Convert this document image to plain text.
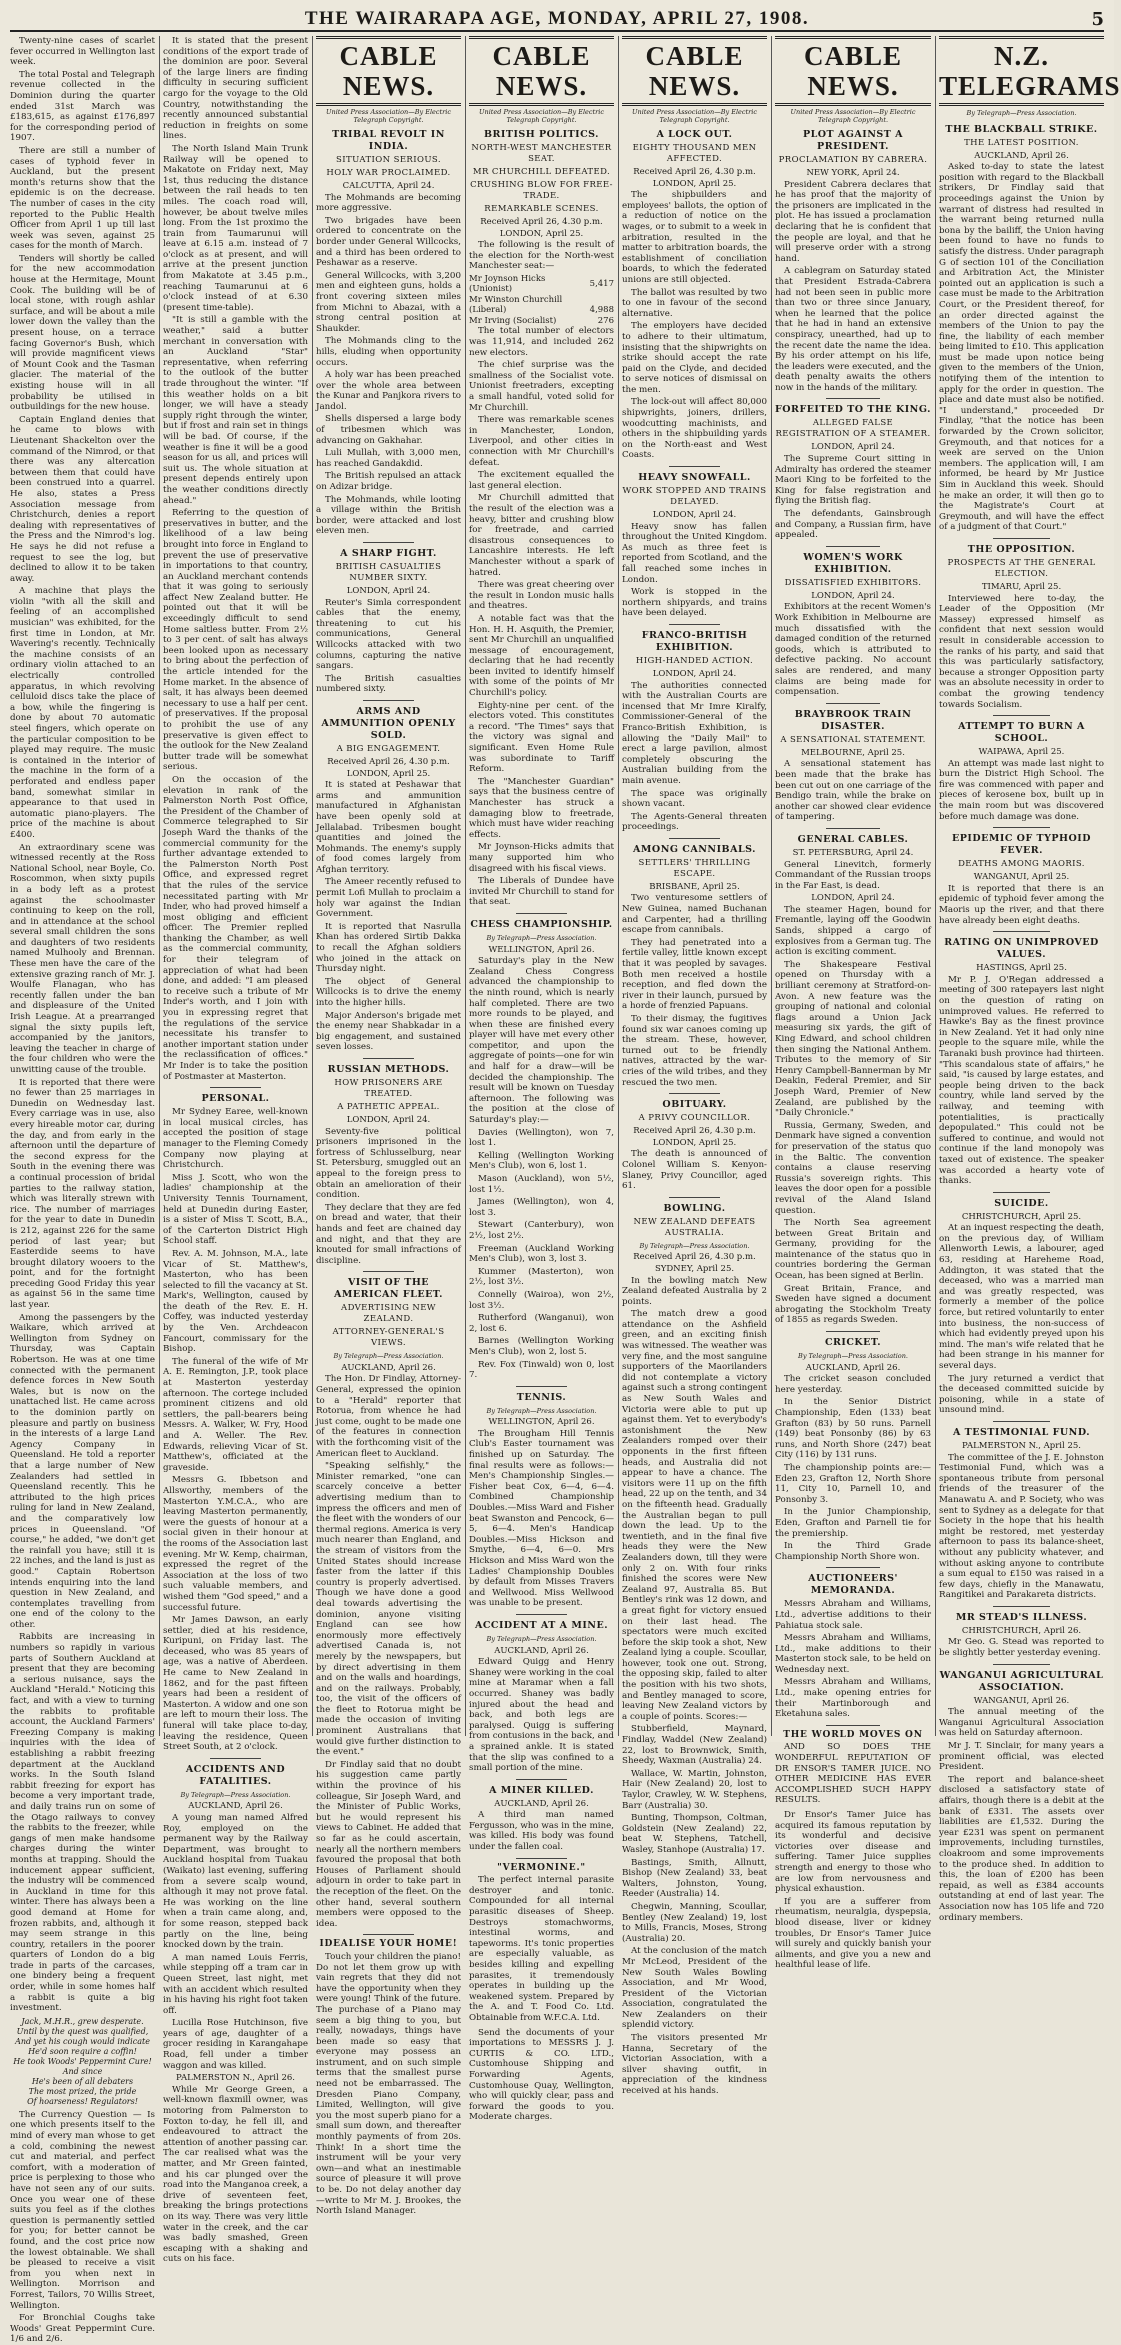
THE WAIRARAPA AGE, MONDAY, APRIL 27, 1908.	5

Twenty-nine cases of scarlet fever occurred in Wellington last week.

The total Postal and Telegraph revenue collected in the Dominion during the quarter ended 31st March was £183,615, as against £176,897 for the corresponding period of 1907.

There are still a number of cases of typhoid fever in Auckland, but the present month's returns show that the epidemic is on the decrease. The number of cases in the city reported to the Public Health Officer from April 1 up till last week was seven, against 25 cases for the month of March.

Tenders will shortly be called for the new accommodation house at the Hermitage, Mount Cook. The building will be of local stone, with rough ashlar surface, and will be about a mile lower down the valley than the present house, on a terrace facing Governor's Bush, which will provide magnificent views of Mount Cook and the Tasman glacier. The material of the existing house will in all probability be utilised in outbuildings for the new house.

Captain England denies that he came to blows with Lieutenant Shackelton over the command of the Nimrod, or that there was any altercation between them that could have been construed into a quarrel. He also, states a Press Association message from Christchurch, denies a report dealing with representatives of the Press and the Nimrod's log. He says he did not refuse a request to see the log, but declined to allow it to be taken away.

A machine that plays the violin "with all the skill and feeling of an accomplished musician" was exhibited, for the first time in London, at Mr. Wavering's recently. Technically the machine consists of an ordinary violin attached to an electrically controlled apparatus, in which revolving celluloid discs take the place of a bow, while the fingering is done by about 70 automatic steel fingers, which operate on the particular composition to be played may require. The music is contained in the interior of the machine in the form of a perforated and endless paper band, somewhat similar in appearance to that used in automatic piano-players. The price of the machine is about £400.

An extraordinary scene was witnessed recently at the Ross National School, near Boyle, Co. Roscommon, when sixty pupils in a body left as a protest against the schoolmaster continuing to keep on the roll, and in attendance at the school several small children the sons and daughters of two residents named Mulhooly and Brennan. These men have the care of the extensive grazing ranch of Mr. J. Woulfe Flanagan, who has recently fallen under the ban and displeasure of the United Irish League. At a prearranged signal the sixty pupils left, accompanied by the janitors, leaving the teacher in charge of the four children who were the unwitting cause of the trouble.

It is reported that there were no fewer than 25 marriages in Dunedin on Wednesday last. Every carriage was in use, also every hireable motor car, during the day, and from early in the afternoon until the departure of the second express for the South in the evening there was a continual procession of bridal parties to the railway station, which was literally strewn with rice. The number of marriages for the year to date in Dunedin is 212, against 226 for the same period of last year; but Easterdide seems to have brought dilatory wooers to the point, and for the fortnight preceding Good Friday this year as against 56 in the same time last year.

Among the passengers by the Waikare, which arrived at Wellington from Sydney on Thursday, was Captain Robertson. He was at one time connected with the permanent defence forces in New South Wales, but is now on the unattached list. He came across to the dominion partly on pleasure and partly on business in the interests of a large Land Agency Company in Queensland. He told a reporter that a large number of New Zealanders had settled in Queensland recently. This he attributed to the high prices ruling for land in New Zealand, and the comparatively low prices in Queensland. "Of course," he added, "we don't get the rainfall you have; still it is 22 inches, and the land is just as good." Captain Robertson intends enquiring into the land question in New Zealand, and contemplates travelling from one end of the colony to the other.

Rabbits are increasing in numbers so rapidly in various parts of Southern Auckland at present that they are becoming a serious nuisance, says the Auckland "Herald." Noticing this fact, and with a view to turning the rabbits to profitable account, the Auckland Farmers' Freezing Company is making inquiries with the idea of establishing a rabbit freezing department at the Auckland works. In the South Island rabbit freezing for export has become a very important trade, and daily trains run on some of the Otago railways to convey the rabbits to the freezer, while gangs of men make handsome charges during the winter months at trapping. Should the inducement appear sufficient, the industry will be commenced in Auckland in time for this winter. There has always been a good demand at Home for frozen rabbits, and, although it may seem strange in this country, retailers in the poorer quarters of London do a big trade in parts of the carcases, one bindery being a frequent order, while in some homes half a rabbit is quite a big investment.

Jack, M.H.R., grew desperate.
Until by the quest was qualified,
And yet his cough would indicate
He'd soon require a coffin!
He took Woods' Peppermint Cure! And since
He's been of all debaters
The most prized, the pride
Of hoarseness! Regulators!

The Currency Question — Is one which presents itself to the mind of every man whose to get a cold, combining the newest cut and material, and perfect comfort, with a moderation of price is perplexing to those who have not seen any of our suits. Once you wear one of these suits you feel as if the clothes question is permanently settled for you; for better cannot be found, and the cost price now the lowest obtainable. We shall be pleased to receive a visit from you when next in Wellington. Morrison and Forrest, Tailors, 70 Willis Street, Wellington.

For Bronchial Coughs take Woods' Great Peppermint Cure. 1/6 and 2/6.

It is stated that the present conditions of the export trade of the dominion are poor. Several of the large liners are finding difficulty in securing sufficient cargo for the voyage to the Old Country, notwithstanding the recently announced substantial reduction in freights on some lines.

The North Island Main Trunk Railway will be opened to Makatote on Friday next, May 1st, thus reducing the distance between the rail heads to ten miles. The coach road will, however, be about twelve miles long. From the 1st proximo the train from Taumarunui will leave at 6.15 a.m. instead of 7 o'clock as at present, and will arrive at the present junction from Makatote at 3.45 p.m., reaching Taumarunui at 6 o'clock instead of at 6.30 (present time-table).

"It is still a gamble with the weather," said a butter merchant in conversation with an Auckland "Star" representative, when referring to the outlook of the butter trade throughout the winter. "If this weather holds on a bit longer, we will have a steady supply right through the winter, but if frost and rain set in things will be bad. Of course, if the weather is fine it will be a good season for us all, and prices will suit us. The whole situation at present depends entirely upon the weather conditions directly ahead."

Referring to the question of preservatives in butter, and the likelihood of a law being brought into force in England to prevent the use of preservative in importations to that country, an Auckland merchant contends that it was going to seriously affect New Zealand butter. He pointed out that it will be exceedingly difficult to send Home saltless butter. From 2½ to 3 per cent. of salt has always been looked upon as necessary to bring about the perfection of the article intended for the Home market. In the absence of salt, it has always been deemed necessary to use a half per cent. of preservatives. If the proposal to prohibit the use of any preservative is given effect to the outlook for the New Zealand butter trade will be somewhat serious.

On the occasion of the elevation in rank of the Palmerston North Post Office, the President of the Chamber of Commerce telegraphed to Sir Joseph Ward the thanks of the commercial community for the further advantage extended to the Palmerston North Post Office, and expressed regret that the rules of the service necessitated parting with Mr Inder, who had proved himself a most obliging and efficient officer. The Premier replied thanking the Chamber, as well as the commercial community, for their telegram of appreciation of what had been done, and added: "I am pleased to receive such a tribute of Mr Inder's worth, and I join with you in expressing regret that the regulations of the service necessitate his transfer to another important station under the reclassification of offices." Mr Inder is to take the position of Postmaster at Masterton.

PERSONAL.

Mr Sydney Earee, well-known in local musical circles, has accepted the position of stage manager to the Fleming Comedy Company now playing at Christchurch.

Miss J. Scott, who won the ladies' championship at the University Tennis Tournament, held at Dunedin during Easter, is a sister of Miss T. Scott, B.A., of the Carterton District High School staff.

Rev. A. M. Johnson, M.A., late Vicar of St. Matthew's, Masterton, who has been selected to fill the vacancy at St. Mark's, Wellington, caused by the death of the Rev. E. H. Coffey, was inducted yesterday by the Ven. Archdeacon Fancourt, commissary for the Bishop.

The funeral of the wife of Mr A. E. Remington, J.P., took place at Masterton yesterday afternoon. The cortege included prominent citizens and old settlers, the pall-bearers being Messrs. A. Walker, W. Fry, Hood and A. Weller. The Rev. Edwards, relieving Vicar of St. Matthew's, officiated at the graveside.

Messrs G. Ibbetson and Allsworthy, members of the Masterton Y.M.C.A., who are leaving Masterton permanently, were the guests of honour at a social given in their honour at the rooms of the Association last evening. Mr W. Kemp, chairman, expressed the regret of the Association at the loss of two such valuable members, and wished them "God speed," and a successful future.

Mr James Dawson, an early settler, died at his residence, Kuripuni, on Friday last. The deceased, who was 85 years of age, was a native of Aberdeen. He came to New Zealand in 1862, and for the past fifteen years had been a resident of Masterton. A widow and one son are left to mourn their loss. The funeral will take place to-day, leaving the residence, Queen Street South, at 2 o'clock.

ACCIDENTS AND FATALITIES.
By Telegraph—Press Association.
AUCKLAND, April 26.

A young man named Alfred Roy, employed on the permanent way by the Railway Department, was brought to Auckland hospital from Tuakau (Waikato) last evening, suffering from a severe scalp wound, although it may not prove fatal. He was working on the line when a train came along, and, for some reason, stepped back partly on the line, being knocked down by the train.

A man named Louis Ferris, while stepping off a tram car in Queen Street, last night, met with an accident which resulted in his having his right foot taken off.

Lucilla Rose Hutchinson, five years of age, daughter of a grocer residing in Karangahape Road, fell under a timber waggon and was killed.

PALMERSTON N., April 26.

While Mr George Green, a well-known flaxmill owner, was motoring from Palmerston to Foxton to-day, he fell ill, and endeavoured to attract the attention of another passing car. The car realised what was the matter, and Mr Green fainted, and his car plunged over the road into the Manganoa creek, a drive of seventeen feet, breaking the brings protections on its way. There was very little water in the creek, and the car was badly smashed, Green escaping with a shaking and cuts on his face.

CABLE NEWS.
United Press Association—By Electric Telegraph Copyright.
TRIBAL REVOLT IN INDIA.
SITUATION SERIOUS.
HOLY WAR PROCLAIMED.
CALCUTTA, April 24.

The Mohmands are becoming more aggressive.

Two brigades have been ordered to concentrate on the border under General Willcocks, and a third has been ordered to Peshawar as a reserve.

General Willcocks, with 3,200 men and eighteen guns, holds a front covering sixteen miles from Michni to Abazai, with a strong central position at Shaukder.

The Mohmands cling to the hills, eluding when opportunity occurs.

A holy war has been preached over the whole area between the Kunar and Panjkora rivers to Jandol.

Shells dispersed a large body of tribesmen which was advancing on Gakhahar.

Luli Mullah, with 3,000 men, has reached Gandakdid.

The British repulsed an attack on Adizar bridge.

The Mohmands, while looting a village within the British border, were attacked and lost eleven men.

A SHARP FIGHT.
BRITISH CASUALTIES NUMBER SIXTY.
LONDON, April 24.

Reuter's Simla correspondent cables that the enemy, threatening to cut his communications, General Willcocks attacked with two columns, capturing the native sangars.

The British casualties numbered sixty.

ARMS AND AMMUNITION OPENLY SOLD.
A BIG ENGAGEMENT.
Received April 26, 4.30 p.m.
LONDON, April 25.

It is stated at Peshawar that arms and ammunition manufactured in Afghanistan have been openly sold at Jellalabad. Tribesmen bought quantities and joined the Mohmands. The enemy's supply of food comes largely from Afghan territory.

The Ameer recently refused to permit Lofi Mullah to proclaim a holy war against the Indian Government.

It is reported that Nasrulla Khan has ordered Sirtib Dakka to recall the Afghan soldiers who joined in the attack on Thursday night.

The object of General Willcocks is to drive the enemy into the higher hills.

Major Anderson's brigade met the enemy near Shabkadar in a big engagement, and sustained seven losses.

RUSSIAN METHODS.
HOW PRISONERS ARE TREATED.
A PATHETIC APPEAL.
LONDON, April 24.

Seventy-five political prisoners imprisoned in the fortress of Schlusselburg, near St. Petersburg, smuggled out an appeal to the foreign press to obtain an amelioration of their condition.

They declare that they are fed on bread and water, that their hands and feet are chained day and night, and that they are knouted for small infractions of discipline.

VISIT OF THE AMERICAN FLEET.
ADVERTISING NEW ZEALAND.
ATTORNEY-GENERAL'S VIEWS.
By Telegraph—Press Association.
AUCKLAND, April 26.

The Hon. Dr Findlay, Attorney-General, expressed the opinion to a "Herald" reporter that Rotorua, from whence he had just come, ought to be made one of the features in connection with the forthcoming visit of the American fleet to Auckland.

"Speaking selfishly," the Minister remarked, "one can scarcely conceive a better advertising medium than to impress the officers and men of the fleet with the wonders of our thermal regions. America is very much nearer than England, and the stream of visitors from the United States should increase faster from the latter if this country is properly advertised. Though we have done a good deal towards advertising the dominion, anyone visiting England can see how enormously more effectively advertised Canada is, not merely by the newspapers, but by direct advertising in them and on the walls and hoardings, and on the railways. Probably, too, the visit of the officers of the fleet to Rotorua might be made the occasion of inviting prominent Australians that would give further distinction to the event."

Dr Findlay said that no doubt his suggestion came partly within the province of his colleague, Sir Joseph Ward, and the Minister of Public Works, but he would represent his views to Cabinet. He added that so far as he could ascertain, nearly all the northern members favoured the proposal that both Houses of Parliament should adjourn in order to take part in the reception of the fleet. On the other hand, several southern members were opposed to the idea.

IDEALISE YOUR HOME!

Touch your children the piano! Do not let them grow up with vain regrets that they did not have the opportunity when they were young! Think of the future. The purchase of a Piano may seem a big thing to you, but really, nowadays, things have been made so easy that everyone may possess an instrument, and on such simple terms that the smallest purse need not be embarrassed. The Dresden Piano Company, Limited, Wellington, will give you the most superb piano for a small sum down, and thereafter monthly payments of from 20s. Think! In a short time the instrument will be your very own—and what an inestimable source of pleasure it will prove to be. Do not delay another day—write to Mr M. J. Brookes, the North Island Manager.

CABLE NEWS.
United Press Association—By Electric Telegraph Copyright.
BRITISH POLITICS.
NORTH-WEST MANCHESTER SEAT.
MR CHURCHILL DEFEATED.
CRUSHING BLOW FOR FREE-TRADE.
REMARKABLE SCENES.
Received April 26, 4.30 p.m.
LONDON, April 25.

The following is the result of the election for the North-west Manchester seat:—

Mr Joynson Hicks (Unionist)	5,417
Mr Winston Churchill	
(Liberal)	4,988
Mr Irving (Socialist)	276

The total number of electors was 11,914, and included 262 new electors.

The chief surprise was the smallness of the Socialist vote. Unionist freetraders, excepting a small handful, voted solid for Mr Churchill.

There was remarkable scenes in Manchester, London, Liverpool, and other cities in connection with Mr Churchill's defeat.

The excitement equalled the last general election.

Mr Churchill admitted that the result of the election was a heavy, bitter and crushing blow for freetrade, and carried disastrous consequences to Lancashire interests. He left Manchester without a spark of hatred.

There was great cheering over the result in London music halls and theatres.

A notable fact was that the Hon. H. H. Asquith, the Premier, sent Mr Churchill an unqualified message of encouragement, declaring that he had recently been invited to identify himself with some of the points of Mr Churchill's policy.

Eighty-nine per cent. of the electors voted. This constitutes a record. "The Times" says that the victory was signal and significant. Even Home Rule was subordinate to Tariff Reform.

The "Manchester Guardian" says that the business centre of Manchester has struck a damaging blow to freetrade, which must have wider reaching effects.

Mr Joynson-Hicks admits that many supported him who disagreed with his fiscal views.

The Liberals of Dundee have invited Mr Churchill to stand for that seat.

CHESS CHAMPIONSHIP.
By Telegraph—Press Association.
WELLINGTON, April 26.

Saturday's play in the New Zealand Chess Congress advanced the championship to the ninth round, which is nearly half completed. There are two more rounds to be played, and when these are finished every player will have met every other competitor, and upon the aggregate of points—one for win and half for a draw—will be decided the championship. The result will be known on Tuesday afternoon. The following was the position at the close of Saturday's play:—

Davies (Wellington), won 7, lost 1.

Kelling (Wellington Working Men's Club), won 6, lost 1.

Mason (Auckland), won 5½, lost 1½.

James (Wellington), won 4, lost 3.

Stewart (Canterbury), won 2½, lost 2½.

Freeman (Auckland Working Men's Club), won 3, lost 3.

Kummer (Masterton), won 2½, lost 3½.

Connelly (Wairoa), won 2½, lost 3½.

Rutherford (Wanganui), won 2, lost 6.

Barnes (Wellington Working Men's Club), won 2, lost 5.

Rev. Fox (Tinwald) won 0, lost 7.

TENNIS.
By Telegraph—Press Association.
WELLINGTON, April 26.

The Brougham Hill Tennis Club's Easter tournament was finished up on Saturday. The final results were as follows:—Men's Championship Singles.—Fisher beat Cox, 6—4, 6—4. Combined Championship Doubles.—Miss Ward and Fisher beat Swanston and Pencock, 6—5, 6—4. Men's Handicap Doubles.—Miss Hickson and Smythe, 6—4, 6—0. Mrs Hickson and Miss Ward won the Ladies' Championship Doubles by default from Misses Travers and Wellwood. Miss Wellwood was unable to be present.

ACCIDENT AT A MINE.
By Telegraph—Press Association.
AUCKLAND, April 26.

Edward Quigg and Henry Shaney were working in the coal mine at Maramar when a fall occurred. Shaney was badly injured about the head and back, and both legs are paralysed. Quigg is suffering from contusions in the back, and a sprained ankle. It is stated that the slip was confined to a small portion of the mine.

A MINER KILLED.
AUCKLAND, April 26.

A third man named Fergusson, who was in the mine, was killed. His body was found under the fallen coal.

"VERMONINE."

The perfect internal parasite destroyer and tonic. Compounded for all internal parasitic diseases of Sheep. Destroys stomachworms, intestinal worms, and tapeworms. It's tonic properties are especially valuable, as besides killing and expelling parasites, it tremendously operates in building up the weakened system. Prepared by the A. and T. Food Co. Ltd. Obtainable from W.F.C.A. Ltd.

Send the documents of your importations to MESSRS J. J. CURTIS & CO. LTD., Customhouse Shipping and Forwarding Agents, Customhouse Quay, Wellington, who will quickly clear, pass and forward the goods to you. Moderate charges.

CABLE NEWS.
United Press Association—By Electric Telegraph Copyright.
A LOCK OUT.
EIGHTY THOUSAND MEN AFFECTED.
Received April 26, 4.30 p.m.
LONDON, April 25.

The shipbuilders and employees' ballots, the option of a reduction of notice on the wages, or to submit to a week in arbitration, resulted in the matter to arbitration boards, the establishment of conciliation boards, to which the federated unions are still objected.

The ballot was resulted by two to one in favour of the second alternative.

The employers have decided to adhere to their ultimatum, insisting that the shipwrights on strike should accept the rate paid on the Clyde, and decided to serve notices of dismissal on the men.

The lock-out will affect 80,000 shipwrights, joiners, drillers, woodcutting machinists, and others in the shipbuilding yards on the North-east and West Coasts.

HEAVY SNOWFALL.
WORK STOPPED AND TRAINS DELAYED.
LONDON, April 24.

Heavy snow has fallen throughout the United Kingdom. As much as three feet is reported from Scotland, and the fall reached some inches in London.

Work is stopped in the northern shipyards, and trains have been delayed.

FRANCO-BRITISH EXHIBITION.
HIGH-HANDED ACTION.
LONDON, April 24.

The authorities connected with the Australian Courts are incensed that Mr Imre Kiralfy, Commissioner-General of the Franco-British Exhibition, is allowing the "Daily Mail" to erect a large pavilion, almost completely obscuring the Australian building from the main avenue.

The space was originally shown vacant.

The Agents-General threaten proceedings.

AMONG CANNIBALS.
SETTLERS' THRILLING ESCAPE.
BRISBANE, April 25.

Two venturesome settlers of New Guinea, named Buchanan and Carpenter, had a thrilling escape from cannibals.

They had penetrated into a fertile valley, little known except that it was peopled by savages. Both men received a hostile reception, and fled down the river in their launch, pursued by a horde of frenzied Papuans.

To their dismay, the fugitives found six war canoes coming up the stream. These, however, turned out to be friendly natives, attracted by the war-cries of the wild tribes, and they rescued the two men.

OBITUARY.
A PRIVY COUNCILLOR.
Received April 26, 4.30 p.m.
LONDON, April 25.

The death is announced of Colonel William S. Kenyon-Slaney, Privy Councillor, aged 61.

BOWLING.
NEW ZEALAND DEFEATS AUSTRALIA.
By Telegraph—Press Association.
Received April 26, 4.30 p.m.
SYDNEY, April 25.

In the bowling match New Zealand defeated Australia by 2 points.

The match drew a good attendance on the Ashfield green, and an exciting finish was witnessed. The weather was very fine, and the most sanguine supporters of the Maorilanders did not contemplate a victory against such a strong contingent as New South Wales and Victoria were able to put up against them. Yet to everybody's astonishment the New Zealanders romped over their opponents in the first fifteen heads, and Australia did not appear to have a chance. The visitors were 11 up on the fifth head, 22 up on the tenth, and 34 on the fifteenth head. Gradually the Australian began to pull down the lead. Up to the twentieth, and in the final five heads they were the New Zealanders down, till they were only 2 on. With four rinks finished the scores were New Zealand 97, Australia 85. But Bentley's rink was 12 down, and a great fight for victory ensued on their last head. The spectators were much excited before the skip took a shot, New Zealand lying a couple. Scoullar, however, took one out. Strong, the opposing skip, failed to alter the position with his two shots, and Bentley managed to score, leaving New Zealand victors by a couple of points. Scores:—

Stubberfield, Maynard, Findlay, Waddel (New Zealand) 22, lost to Brownwick, Smith, Sheedy, Waxman (Australia) 24.

Wallace, W. Martin, Johnston, Hair (New Zealand) 20, lost to Taylor, Crawley, W. W. Stephens, Barr (Australia) 30.

Bunting, Thompson, Coltman, Goldstein (New Zealand) 22, beat W. Stephens, Tatchell, Wasley, Stanhope (Australia) 17.

Bastings, Smith, Allnutt, Bishop (New Zealand) 33, beat Walters, Johnston, Young, Reeder (Australia) 14.

Chegwin, Manning, Scoullar, Bentley (New Zealand) 19, lost to Mills, Francis, Moses, Strong (Australia) 20.

At the conclusion of the match Mr McLeod, President of the New South Wales Bowling Association, and Mr Wood, President of the Victorian Association, congratulated the New Zealanders on their splendid victory.

The visitors presented Mr Hanna, Secretary of the Victorian Association, with a silver shaving outfit, in appreciation of the kindness received at his hands.

CABLE NEWS.
United Press Association—By Electric Telegraph Copyright.
PLOT AGAINST A PRESIDENT.
PROCLAMATION BY CABRERA.
NEW YORK, April 24.

President Cabrera declares that he has proof that the majority of the prisoners are implicated in the plot. He has issued a proclamation declaring that he is confident that the people are loyal, and that he will preserve order with a strong hand.

A cablegram on Saturday stated that President Estrada-Cabrera had not been seen in public more than two or three since January, when he learned that the police that he had in hand an extensive conspiracy, unearthed, had up to the recent date the name the idea. By his order attempt on his life, the leaders were executed, and the death penalty awaits the others now in the hands of the military.

FORFEITED TO THE KING.
ALLEGED FALSE REGISTRATION OF A STEAMER.
LONDON, April 24.

The Supreme Court sitting in Admiralty has ordered the steamer Maori King to be forfeited to the King for false registration and flying the British flag.

The defendants, Gainsbrough and Company, a Russian firm, have appealed.

WOMEN'S WORK EXHIBITION.
DISSATISFIED EXHIBITORS.
LONDON, April 24.

Exhibitors at the recent Women's Work Exhibition in Melbourne are much dissatisfied with the damaged condition of the returned goods, which is attributed to defective packing. No account sales are rendered, and many claims are being made for compensation.

BRAYBROOK TRAIN DISASTER.
A SENSATIONAL STATEMENT.
MELBOURNE, April 25.

A sensational statement has been made that the brake has been cut out on one carriage of the Bendigo train, while the brake on another car showed clear evidence of tampering.

GENERAL CABLES.
ST. PETERSBURG, April 24.

General Linevitch, formerly Commandant of the Russian troops in the Far East, is dead.

LONDON, April 24.

The steamer Hagen, bound for Fremantle, laying off the Goodwin Sands, shipped a cargo of explosives from a German tug. The action is exciting comment.

The Shakespeare Festival opened on Thursday with a brilliant ceremony at Stratford-on-Avon. A new feature was the grouping of national and colonial flags around a Union Jack measuring six yards, the gift of King Edward, and school children then singing the National Anthem. Tributes to the memory of Sir Henry Campbell-Bannerman by Mr Deakin, Federal Premier, and Sir Joseph Ward, Premier of New Zealand, are published by the "Daily Chronicle."

Russia, Germany, Sweden, and Denmark have signed a convention for preservation of the status quo in the Baltic. The convention contains a clause reserving Russia's sovereign rights. This leaves the door open for a possible revival of the Aland Island question.

The North Sea agreement between Great Britain and Germany, providing for the maintenance of the status quo in countries bordering the German Ocean, has been signed at Berlin.

Great Britain, France, and Sweden have signed a document abrogating the Stockholm Treaty of 1855 as regards Sweden.

CRICKET.
By Telegraph—Press Association.
AUCKLAND, April 26.

The cricket season concluded here yesterday.

In the Senior District Championship, Eden (133) beat Grafton (83) by 50 runs. Parnell (149) beat Ponsonby (86) by 63 runs, and North Shore (247) beat City (116) by 131 runs.

The championship points are:—Eden 23, Grafton 12, North Shore 11, City 10, Parnell 10, and Ponsonby 3.

In the Junior Championship, Eden, Grafton and Parnell tie for the premiership.

In the Third Grade Championship North Shore won.

AUCTIONEERS' MEMORANDA.

Messrs Abraham and Williams, Ltd., advertise additions to their Pahiatua stock sale.

Messrs Abraham and Williams, Ltd., make additions to their Masterton stock sale, to be held on Wednesday next.

Messrs Abraham and Williams, Ltd., make opening entries for their Martinborough and Eketahuna sales.

THE WORLD MOVES ON

AND SO DOES THE WONDERFUL REPUTATION OF DR ENSOR'S TAMER JUICE. NO OTHER MEDICINE HAS EVER ACCOMPLISHED SUCH HAPPY RESULTS.

Dr Ensor's Tamer Juice has acquired its famous reputation by its wonderful and decisive victories over disease and suffering. Tamer Juice supplies strength and energy to those who are low from nervousness and physical exhaustion.

If you are a sufferer from rheumatism, neuralgia, dyspepsia, blood disease, liver or kidney troubles, Dr Ensor's Tamer Juice will surely and quickly banish your ailments, and give you a new and healthful lease of life.

N.Z. TELEGRAMS
By Telegraph—Press Association.
THE BLACKBALL STRIKE.
THE LATEST POSITION.
AUCKLAND, April 26.

Asked to-day to state the latest position with regard to the Blackball strikers, Dr Findlay said that proceedings against the Union by warrant of distress had resulted in the warrant being returned nulla bona by the bailiff, the Union having been found to have no funds to satisfy the distress. Under paragraph G of section 101 of the Conciliation and Arbitration Act, the Minister pointed out an application is such a case must be made to the Arbitration Court, or the President thereof, for an order directed against the members of the Union to pay the fine, the liability of each member being limited to £10. This application must be made upon notice being given to the members of the Union, notifying them of the intention to apply for the order in question. The place and date must also be notified. "I understand," proceeded Dr Findlay, "that the notice has been forwarded by the Crown solicitor, Greymouth, and that notices for a week are served on the Union members. The application will, I am informed, be heard by Mr Justice Sim in Auckland this week. Should he make an order, it will then go to the Magistrate's Court at Greymouth, and will have the effect of a judgment of that Court."

THE OPPOSITION.
PROSPECTS AT THE GENERAL ELECTION.
TIMARU, April 25.

Interviewed here to-day, the Leader of the Opposition (Mr Massey) expressed himself as confident that next session would result in considerable accession to the ranks of his party, and said that this was particularly satisfactory, because a stronger Opposition party was an absolute necessity in order to combat the growing tendency towards Socialism.

ATTEMPT TO BURN A SCHOOL.
WAIPAWA, April 25.

An attempt was made last night to burn the District High School. The fire was commenced with paper and pieces of kerosene box, built up in the main room but was discovered before much damage was done.

EPIDEMIC OF TYPHOID FEVER.
DEATHS AMONG MAORIS.
WANGANUI, April 25.

It is reported that there is an epidemic of typhoid fever among the Maoris up the river, and that there have already been eight deaths.

RATING ON UNIMPROVED VALUES.
HASTINGS, April 25.

Mr P. J. O'Regan addressed a meeting of 300 ratepayers last night on the question of rating on unimproved values. He referred to Hawke's Bay as the finest province in New Zealand. Yet it had only nine people to the square mile, while the Taranaki bush province had thirteen. "This scandalous state of affairs," he said, "is caused by large estates, and people being driven to the back country, while land served by the railway, and teeming with potentialities, is practically depopulated." This could not be suffered to continue, and would not continue if the land monopoly was taxed out of existence. The speaker was accorded a hearty vote of thanks.

SUICIDE.
CHRISTCHURCH, April 25.

At an inquest respecting the death, on the previous day, of William Allenworth Lewis, a labourer, aged 63, residing at Hareheme Road, Addington, it was stated that the deceased, who was a married man and was greatly respected, was formerly a member of the police force, but retired voluntarily to enter into business, the non-success of which had evidently preyed upon his mind. The man's wife related that he had been strange in his manner for several days.

The jury returned a verdict that the deceased committed suicide by poisoning, while in a state of unsound mind.

A TESTIMONIAL FUND.
PALMERSTON N., April 25.

The committee of the J. E. Johnston Testimonial Fund, which was a spontaneous tribute from personal friends of the treasurer of the Manawatu A. and P. Society, who was sent to Sydney as a delegate for that Society in the hope that his health might be restored, met yesterday afternoon to pass its balance-sheet, without any publicity whatever, and without asking anyone to contribute a sum equal to £150 was raised in a few days, chiefly in the Manawatu, Rangitikei and Parakareta districts.

MR STEAD'S ILLNESS.
CHRISTCHURCH, April 26.

Mr Geo. G. Stead was reported to be slightly better yesterday evening.

WANGANUI AGRICULTURAL ASSOCIATION.
WANGANUI, April 26.

The annual meeting of the Wanganui Agricultural Association was held on Saturday afternoon.

Mr J. T. Sinclair, for many years a prominent official, was elected President.

The report and balance-sheet disclosed a satisfactory state of affairs, though there is a debit at the bank of £331. The assets over liabilities are £1,532. During the year £231 was spent on permanent improvements, including turnstiles, cloakroom and some improvements to the produce shed. In addition to this, the loan of £200 has been repaid, as well as £384 accounts outstanding at end of last year. The Association now has 105 life and 720 ordinary members.
